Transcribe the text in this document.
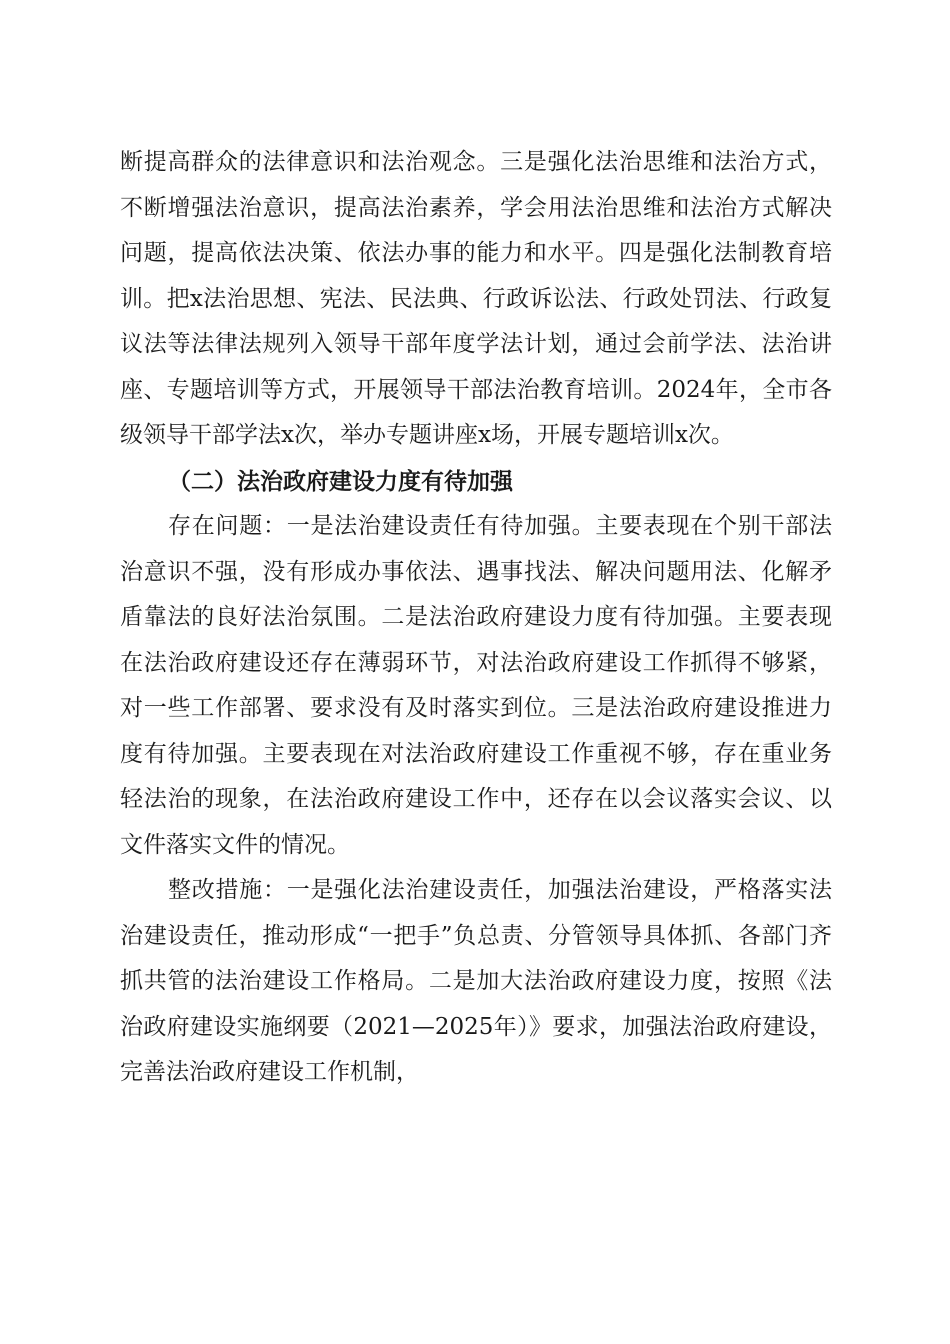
断提高群众的法律意识和法治观念。三是强化法治思维和法治方式，不断增强法治意识，提高法治素养，学会用法治思维和法治方式解决问题，提高依法决策、依法办事的能力和水平。四是强化法制教育培训。把x法治思想、宪法、民法典、行政诉讼法、行政处罚法、行政复议法等法律法规列入领导干部年度学法计划，通过会前学法、法治讲座、专题培训等方式，开展领导干部法治教育培训。2024年，全市各级领导干部学法x次，举办专题讲座x场，开展专题培训x次。

（二）法治政府建设力度有待加强

存在问题：一是法治建设责任有待加强。主要表现在个别干部法治意识不强，没有形成办事依法、遇事找法、解决问题用法、化解矛盾靠法的良好法治氛围。二是法治政府建设力度有待加强。主要表现在法治政府建设还存在薄弱环节，对法治政府建设工作抓得不够紧，对一些工作部署、要求没有及时落实到位。三是法治政府建设推进力度有待加强。主要表现在对法治政府建设工作重视不够，存在重业务轻法治的现象，在法治政府建设工作中，还存在以会议落实会议、以文件落实文件的情况。

整改措施：一是强化法治建设责任，加强法治建设，严格落实法治建设责任，推动形成“一把手”负总责、分管领导具体抓、各部门齐抓共管的法治建设工作格局。二是加大法治政府建设力度，按照《法治政府建设实施纲要（2021—2025年）》要求，加强法治政府建设，完善法治政府建设工作机制，
